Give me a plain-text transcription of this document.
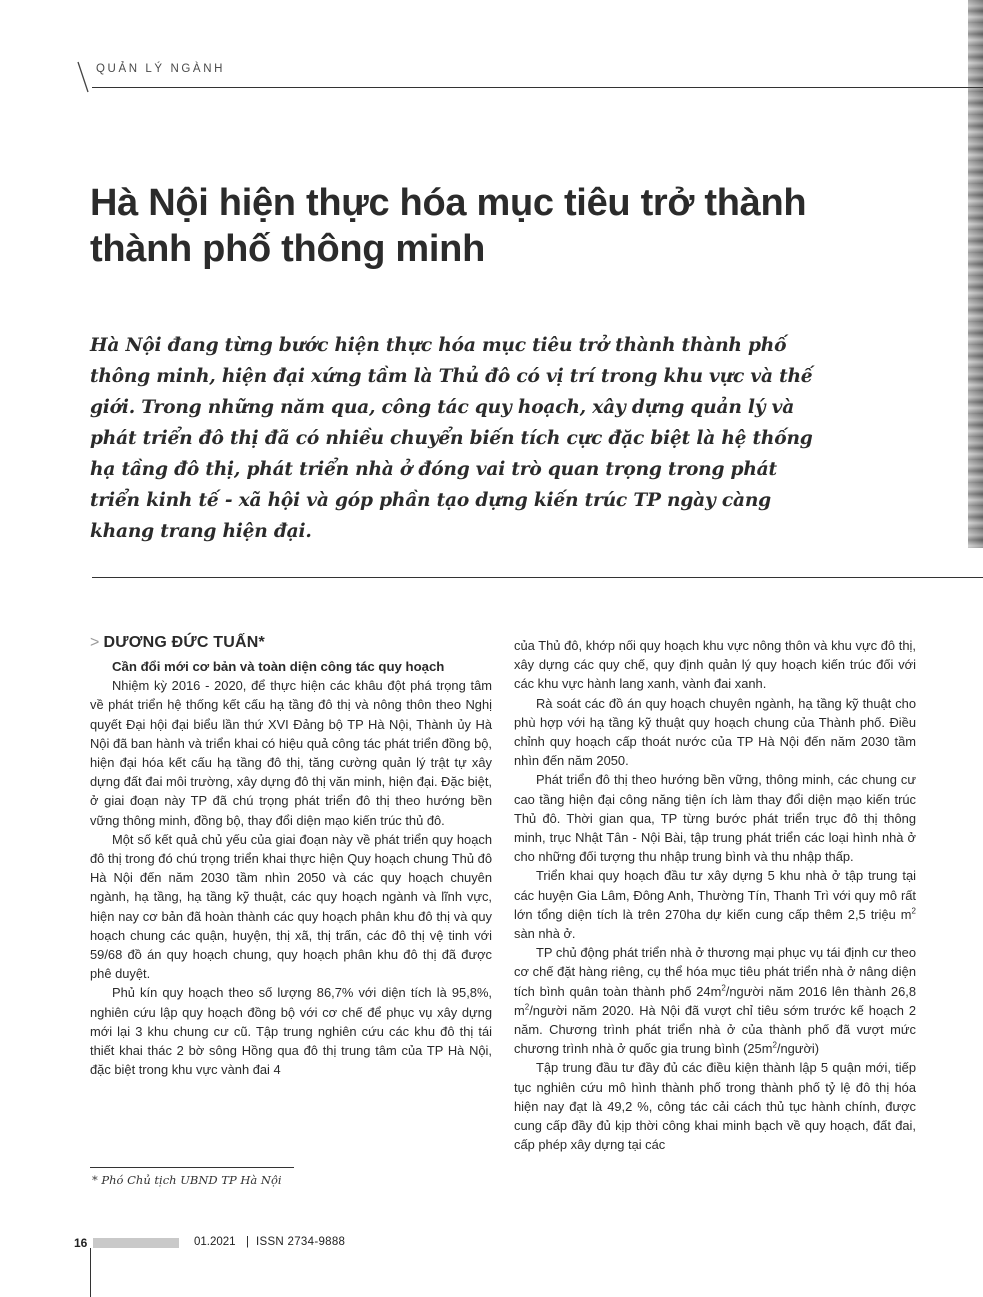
QUẢN LÝ NGÀNH
Hà Nội hiện thực hóa mục tiêu trở thành thành phố thông minh

Hà Nội đang từng bước hiện thực hóa mục tiêu trở thành thành phố thông minh, hiện đại xứng tầm là Thủ đô có vị trí trong khu vực và thế giới. Trong những năm qua, công tác quy hoạch, xây dựng quản lý và phát triển đô thị đã có nhiều chuyển biến tích cực đặc biệt là hệ thống hạ tầng đô thị, phát triển nhà ở đóng vai trò quan trọng trong phát triển kinh tế - xã hội và góp phần tạo dựng kiến trúc TP ngày càng khang trang hiện đại.

> DƯƠNG ĐỨC TUẤN*

Cần đổi mới cơ bản và toàn diện công tác quy hoạch

Nhiệm kỳ 2016 - 2020, để thực hiện các khâu đột phá trọng tâm về phát triển hệ thống kết cấu hạ tầng đô thị và nông thôn theo Nghị quyết Đại hội đại biểu lần thứ XVI Đảng bộ TP Hà Nội, Thành ủy Hà Nội đã ban hành và triển khai có hiệu quả công tác phát triển đồng bộ, hiện đại hóa kết cấu hạ tầng đô thị, tăng cường quản lý trật tự xây dựng đất đai môi trường, xây dựng đô thị văn minh, hiện đại. Đặc biệt, ở giai đoạn này TP đã chú trọng phát triển đô thị theo hướng bền vững thông minh, đồng bộ, thay đổi diện mạo kiến trúc thủ đô.

Một số kết quả chủ yếu của giai đoạn này về phát triển quy hoạch đô thị trong đó chú trọng triển khai thực hiện Quy hoạch chung Thủ đô Hà Nội đến năm 2030 tầm nhìn 2050 và các quy hoạch chuyên ngành, hạ tầng, hạ tầng kỹ thuật, các quy hoạch ngành và lĩnh vực, hiện nay cơ bản đã hoàn thành các quy hoạch phân khu đô thị và quy hoạch chung các quận, huyện, thị xã, thị trấn, các đô thị vệ tinh với 59/68 đồ án quy hoạch chung, quy hoạch phân khu đô thị đã được phê duyệt.

Phủ kín quy hoạch theo số lượng 86,7% với diện tích là 95,8%, nghiên cứu lập quy hoạch đồng bộ với cơ chế để phục vụ xây dựng mới lại 3 khu chung cư cũ. Tập trung nghiên cứu các khu đô thị tái thiết khai thác 2 bờ sông Hồng qua đô thị trung tâm của TP Hà Nội, đặc biệt trong khu vực vành đai 4

của Thủ đô, khớp nối quy hoạch khu vực nông thôn và khu vực đô thị, xây dựng các quy chế, quy định quản lý quy hoạch kiến trúc đối với các khu vực hành lang xanh, vành đai xanh.

Rà soát các đồ án quy hoạch chuyên ngành, hạ tầng kỹ thuật cho phù hợp với hạ tầng kỹ thuật quy hoạch chung của Thành phố. Điều chỉnh quy hoạch cấp thoát nước của TP Hà Nội đến năm 2030 tầm nhìn đến năm 2050.

Phát triển đô thị theo hướng bền vững, thông minh, các chung cư cao tầng hiện đại công năng tiện ích làm thay đổi diện mạo kiến trúc Thủ đô. Thời gian qua, TP từng bước phát triển trục đô thị thông minh, trục Nhật Tân - Nội Bài, tập trung phát triển các loại hình nhà ở cho những đối tượng thu nhập trung bình và thu nhập thấp.

Triển khai quy hoạch đầu tư xây dựng 5 khu nhà ở tập trung tại các huyện Gia Lâm, Đông Anh, Thường Tín, Thanh Trì với quy mô rất lớn tổng diện tích là trên 270ha dự kiến cung cấp thêm 2,5 triệu $m^2$ sàn nhà ở.

TP chủ động phát triển nhà ở thương mại phục vụ tái định cư theo cơ chế đặt hàng riêng, cụ thể hóa mục tiêu phát triển nhà ở nâng diện tích bình quân toàn thành phố $24m^2$/người năm 2016 lên thành 26,8 $m^2$/người năm 2020. Hà Nội đã vượt chỉ tiêu sớm trước kế hoạch 2 năm. Chương trình phát triển nhà ở của thành phố đã vượt mức chương trình nhà ở quốc gia trung bình $(25m^2/người)$

Tập trung đầu tư đầy đủ các điều kiện thành lập 5 quận mới, tiếp tục nghiên cứu mô hình thành phố trong thành phố tỷ lệ đô thị hóa hiện nay đạt là 49,2 %, công tác cải cách thủ tục hành chính, được cung cấp đầy đủ kịp thời công khai minh bạch về quy hoạch, đất đai, cấp phép xây dựng tại các

* Phó Chủ tịch UBND TP Hà Nội
16	01.2021 | ISSN 2734-9888
